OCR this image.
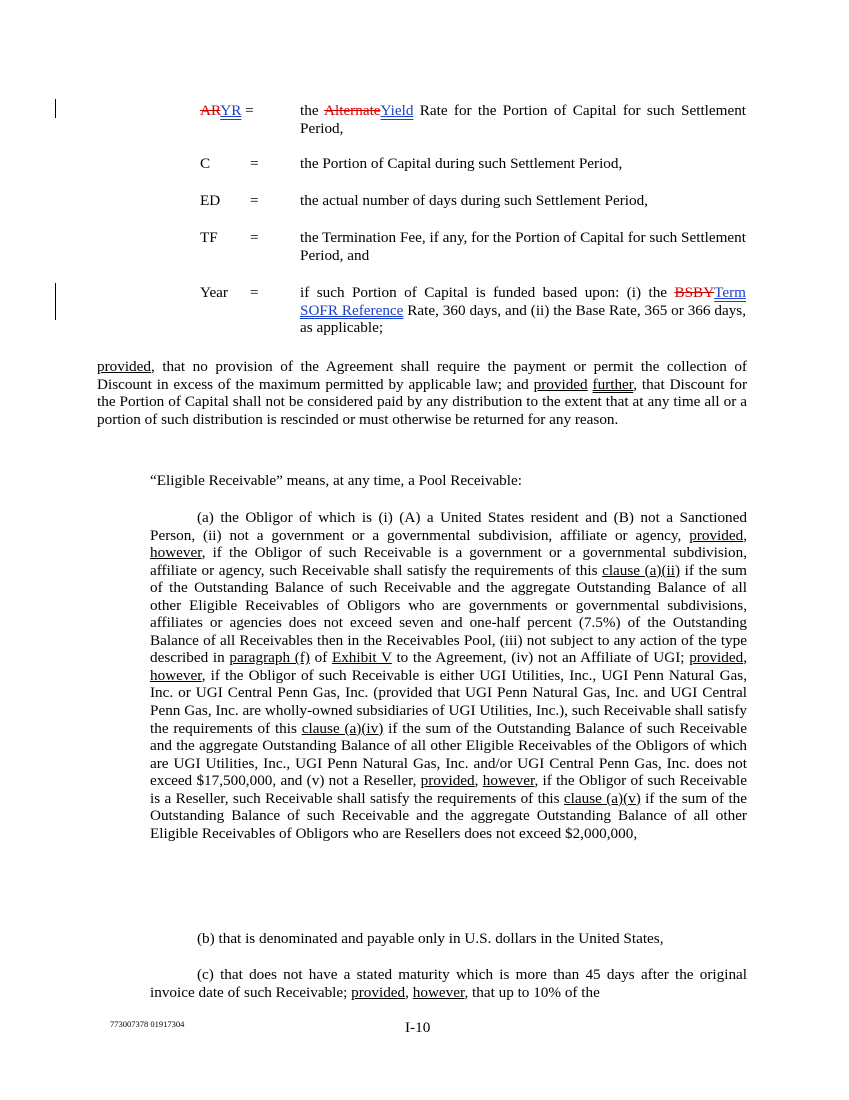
ARYR =	the AlternateYield Rate for the Portion of Capital for such Settlement Period,
C	=	the Portion of Capital during such Settlement Period,
ED	=	the actual number of days during such Settlement Period,
TF	=	the Termination Fee, if any, for the Portion of Capital for such Settlement Period, and
Year	=	if such Portion of Capital is funded based upon: (i) the BSBYTerm SOFR Reference Rate, 360 days, and (ii) the Base Rate, 365 or 366 days, as applicable;
provided, that no provision of the Agreement shall require the payment or permit the collection of Discount in excess of the maximum permitted by applicable law; and provided further, that Discount for the Portion of Capital shall not be considered paid by any distribution to the extent that at any time all or a portion of such distribution is rescinded or must otherwise be returned for any reason.
“Eligible Receivable” means, at any time, a Pool Receivable:
(a) the Obligor of which is (i) (A) a United States resident and (B) not a Sanctioned Person, (ii) not a government or a governmental subdivision, affiliate or agency, provided, however, if the Obligor of such Receivable is a government or a governmental subdivision, affiliate or agency, such Receivable shall satisfy the requirements of this clause (a)(ii) if the sum of the Outstanding Balance of such Receivable and the aggregate Outstanding Balance of all other Eligible Receivables of Obligors who are governments or governmental subdivisions, affiliates or agencies does not exceed seven and one-half percent (7.5%) of the Outstanding Balance of all Receivables then in the Receivables Pool, (iii) not subject to any action of the type described in paragraph (f) of Exhibit V to the Agreement, (iv) not an Affiliate of UGI; provided, however, if the Obligor of such Receivable is either UGI Utilities, Inc., UGI Penn Natural Gas, Inc. or UGI Central Penn Gas, Inc. (provided that UGI Penn Natural Gas, Inc. and UGI Central Penn Gas, Inc. are wholly-owned subsidiaries of UGI Utilities, Inc.), such Receivable shall satisfy the requirements of this clause (a)(iv) if the sum of the Outstanding Balance of such Receivable and the aggregate Outstanding Balance of all other Eligible Receivables of the Obligors of which are UGI Utilities, Inc., UGI Penn Natural Gas, Inc. and/or UGI Central Penn Gas, Inc. does not exceed $17,500,000, and (v) not a Reseller, provided, however, if the Obligor of such Receivable is a Reseller, such Receivable shall satisfy the requirements of this clause (a)(v) if the sum of the Outstanding Balance of such Receivable and the aggregate Outstanding Balance of all other Eligible Receivables of Obligors who are Resellers does not exceed $2,000,000,
(b) that is denominated and payable only in U.S. dollars in the United States,
(c) that does not have a stated maturity which is more than 45 days after the original invoice date of such Receivable; provided, however, that up to 10% of the
773007378 01917304	I-10
